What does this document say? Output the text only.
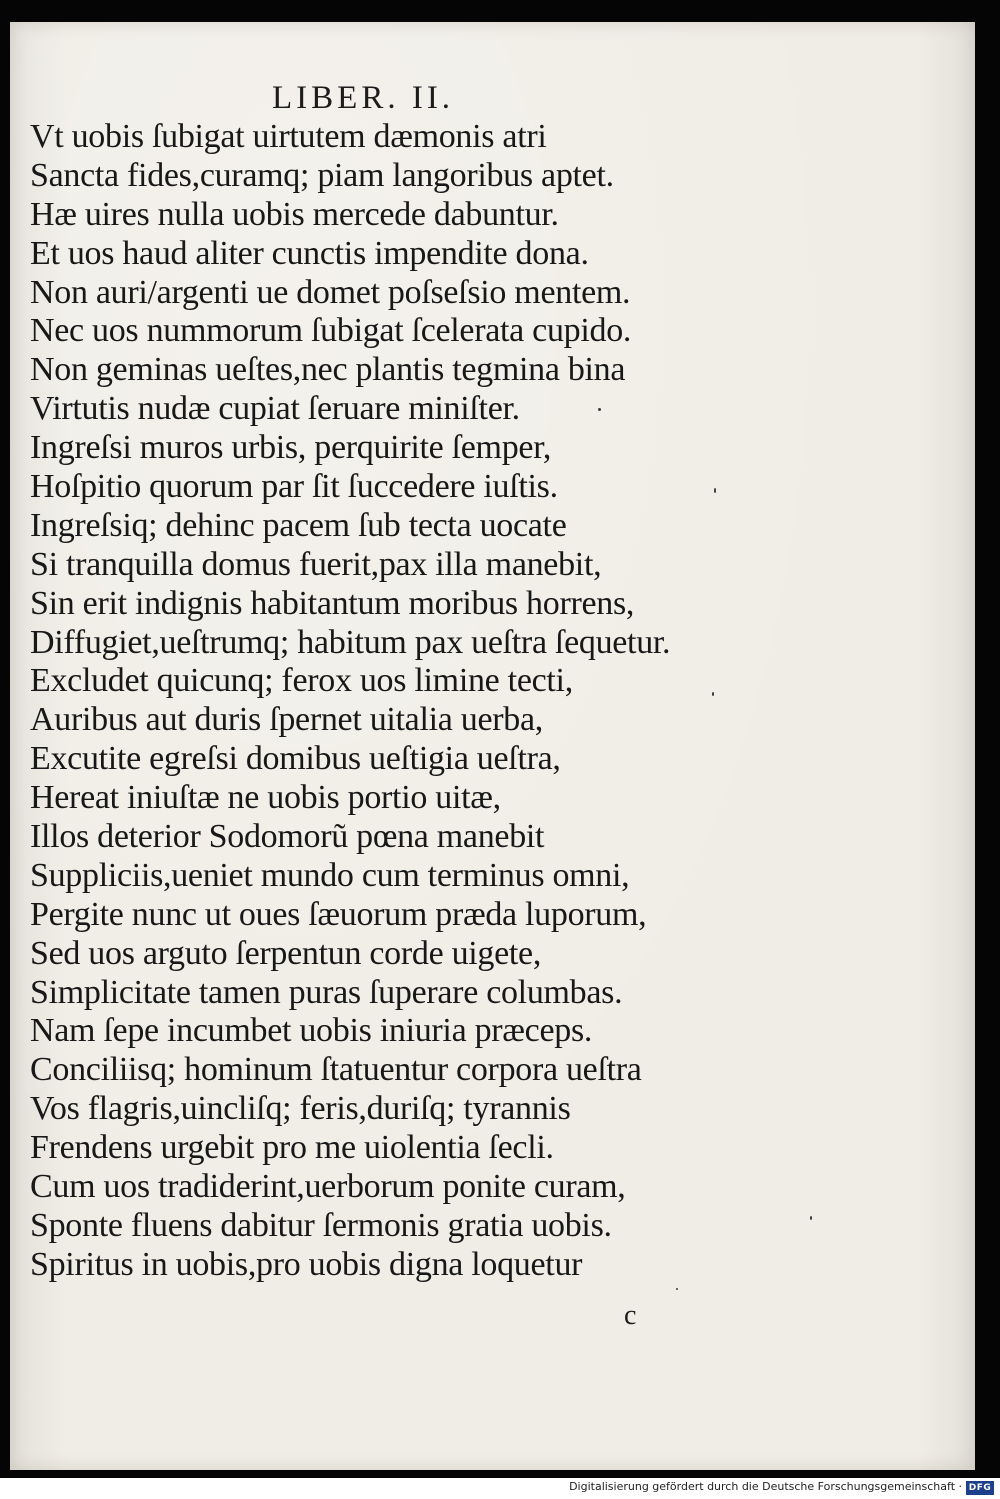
LIBER. II.
Vt uobis ſubigat uirtutem dæmonis atri
Sancta fides,curamq; piam langoribus aptet.
Hæ uires nulla uobis mercede dabuntur.
Et uos haud aliter cunctis impendite dona.
Non auri/argenti ue domet poſseſsio mentem.
Nec uos nummorum ſubigat ſcelerata cupido.
Non geminas ueſtes,nec plantis tegmina bina
Virtutis nudæ cupiat ſeruare miniſter.
Ingreſsi muros urbis, perquirite ſemper,
Hoſpitio quorum par ſit ſuccedere iuſtis.
Ingreſsiq; dehinc pacem ſub tecta uocate
Si tranquilla domus fuerit,pax illa manebit,
Sin erit indignis habitantum moribus horrens,
Diffugiet,ueſtrumq; habitum pax ueſtra ſequetur.
Excludet quicunq; ferox uos limine tecti,
Auribus aut duris ſpernet uitalia uerba,
Excutite egreſsi domibus ueſtigia ueſtra,
Hereat iniuſtæ ne uobis portio uitæ,
Illos deterior Sodomorũ pœna manebit
Suppliciis,ueniet mundo cum terminus omni,
Pergite nunc ut oues ſæuorum præda luporum,
Sed uos arguto ſerpentun corde uigete,
Simplicitate tamen puras ſuperare columbas.
Nam ſepe incumbet uobis iniuria præceps.
Conciliisq; hominum ſtatuentur corpora ueſtra
Vos flagris,uincliſq; feris,duriſq; tyrannis
Frendens urgebit pro me uiolentia ſecli.
Cum uos tradiderint,uerborum ponite curam,
Sponte fluens dabitur ſermonis gratia uobis.
Spiritus in uobis,pro uobis digna loquetur
c
Digitalisierung gefördert durch die Deutsche Forschungsgemeinschaft · DFG
